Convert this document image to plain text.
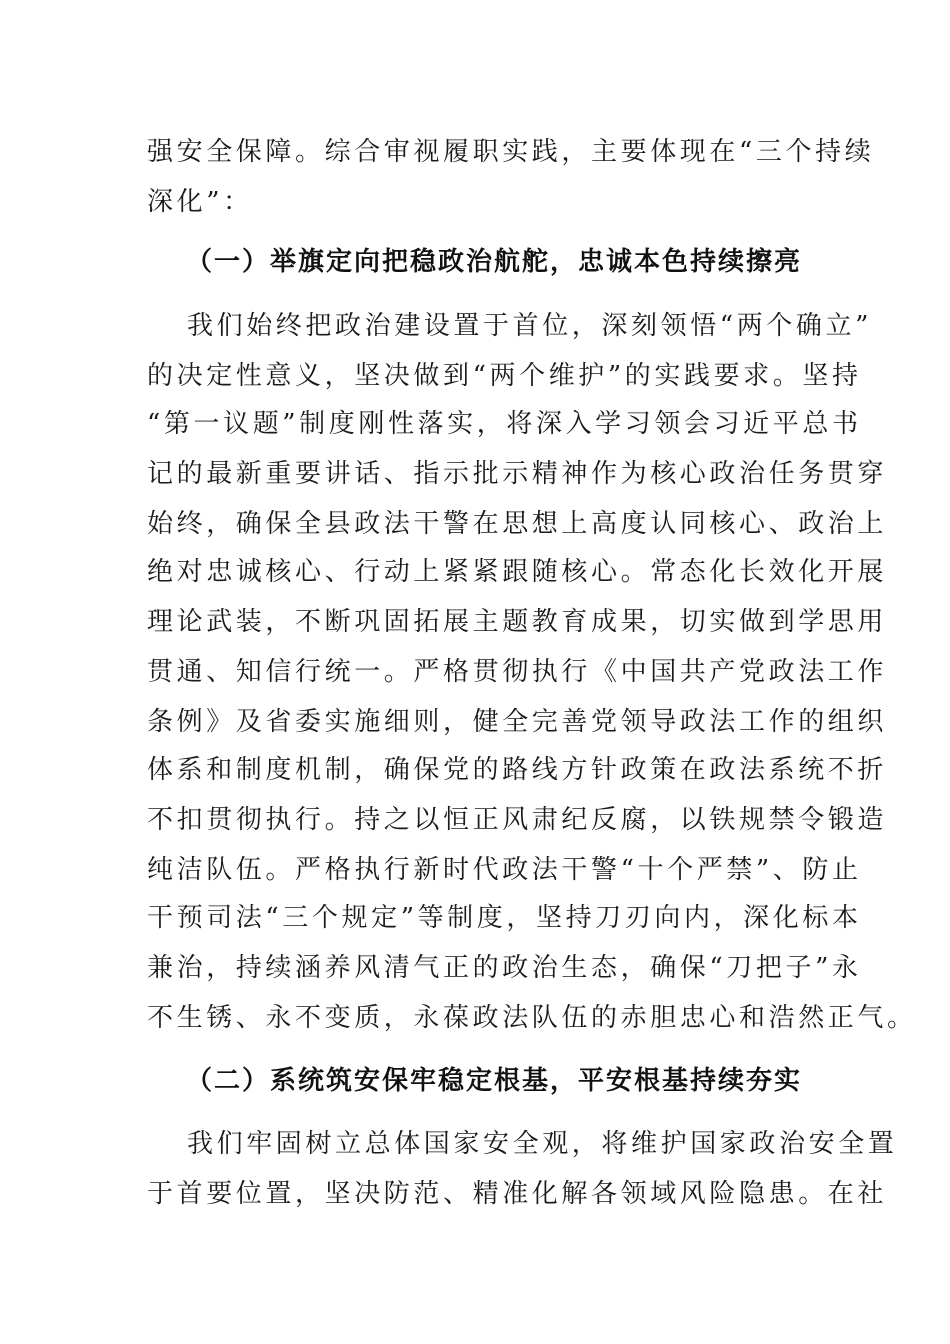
强安全保障。综合审视履职实践，主要体现在“三个持续
深化”：
（一）举旗定向把稳政治航舵，忠诚本色持续擦亮
我们始终把政治建设置于首位，深刻领悟“两个确立”
的决定性意义，坚决做到“两个维护”的实践要求。坚持
“第一议题”制度刚性落实，将深入学习领会习近平总书
记的最新重要讲话、指示批示精神作为核心政治任务贯穿
始终，确保全县政法干警在思想上高度认同核心、政治上
绝对忠诚核心、行动上紧紧跟随核心。常态化长效化开展
理论武装，不断巩固拓展主题教育成果，切实做到学思用
贯通、知信行统一。严格贯彻执行《中国共产党政法工作
条例》及省委实施细则，健全完善党领导政法工作的组织
体系和制度机制，确保党的路线方针政策在政法系统不折
不扣贯彻执行。持之以恒正风肃纪反腐，以铁规禁令锻造
纯洁队伍。严格执行新时代政法干警“十个严禁”、防止
干预司法“三个规定”等制度，坚持刀刃向内，深化标本
兼治，持续涵养风清气正的政治生态，确保“刀把子”永
不生锈、永不变质，永葆政法队伍的赤胆忠心和浩然正气。
（二）系统筑安保牢稳定根基，平安根基持续夯实
我们牢固树立总体国家安全观，将维护国家政治安全置
于首要位置，坚决防范、精准化解各领域风险隐患。在社
